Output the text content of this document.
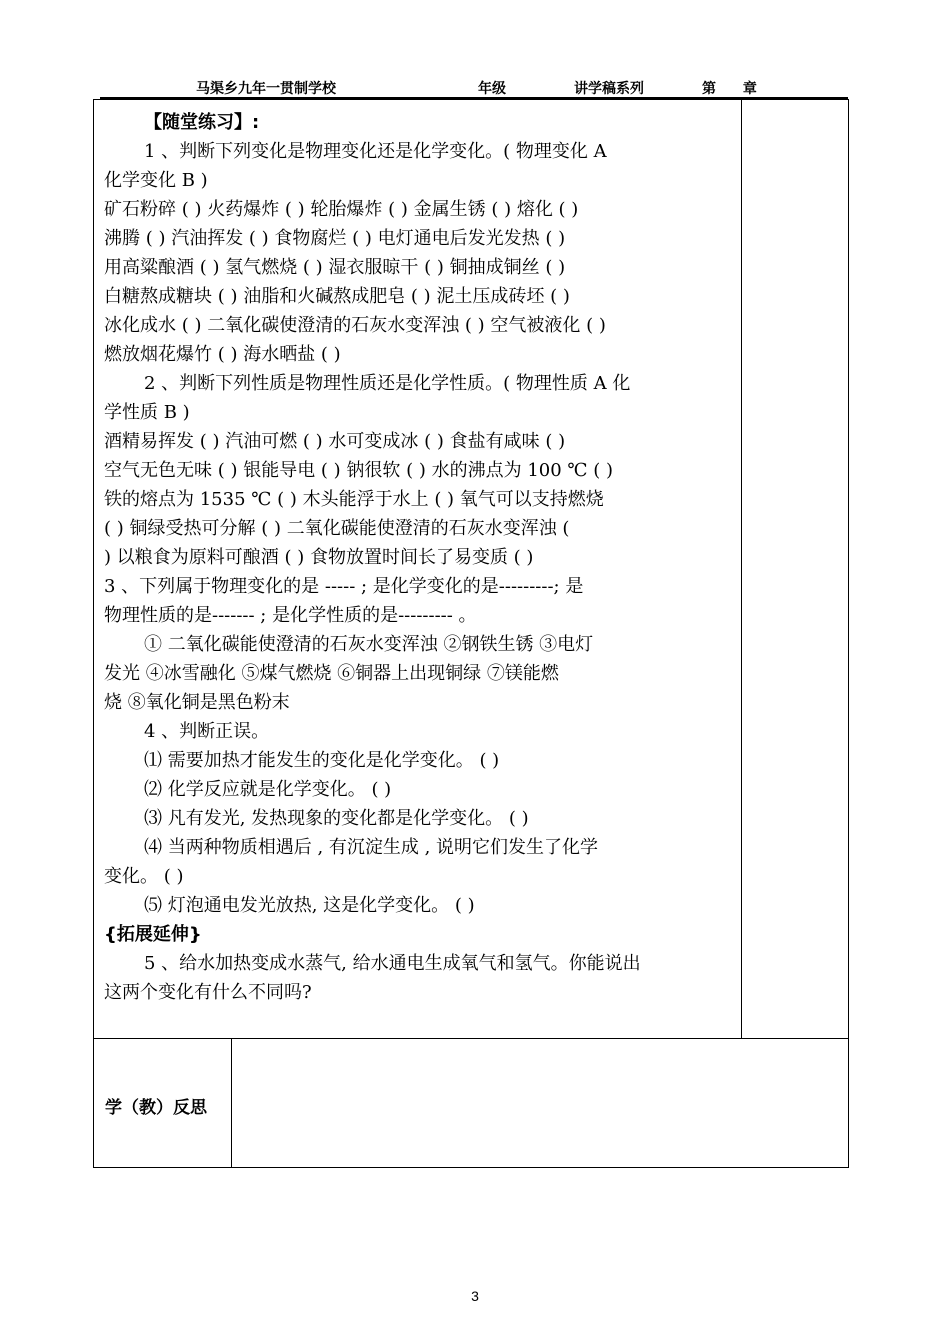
马渠乡九年一贯制学校	年级	讲学稿系列	第 章
【随堂练习】:
1 、判断下列变化是物理变化还是化学变化。( 物理变化 A
化学变化 B )
矿石粉碎 ( ) 火药爆炸 ( ) 轮胎爆炸 ( ) 金属生锈 ( ) 熔化 ( )
沸腾 ( ) 汽油挥发 ( ) 食物腐烂 ( ) 电灯通电后发光发热 ( )
用高粱酿酒 ( ) 氢气燃烧 ( ) 湿衣服晾干 ( ) 铜抽成铜丝 ( )
白糖熬成糖块 ( ) 油脂和火碱熬成肥皂 ( ) 泥土压成砖坯 ( )
冰化成水 ( ) 二氧化碳使澄清的石灰水变浑浊 ( ) 空气被液化 ( )
燃放烟花爆竹 ( ) 海水晒盐 ( )
2 、判断下列性质是物理性质还是化学性质。( 物理性质 A 化
学性质 B )
酒精易挥发 ( ) 汽油可燃 ( ) 水可变成冰 ( ) 食盐有咸味 ( )
空气无色无味 ( ) 银能导电 ( ) 钠很软 ( ) 水的沸点为 100 ℃ ( )
铁的熔点为 1535 ℃ ( ) 木头能浮于水上 ( ) 氧气可以支持燃烧
( ) 铜绿受热可分解 ( ) 二氧化碳能使澄清的石灰水变浑浊 (
) 以粮食为原料可酿酒 ( ) 食物放置时间长了易变质 ( )
3 、下列属于物理变化的是 ----- ; 是化学变化的是---------; 是
物理性质的是------- ; 是化学性质的是--------- 。
① 二氧化碳能使澄清的石灰水变浑浊 ②钢铁生锈 ③电灯
发光 ④冰雪融化 ⑤煤气燃烧 ⑥铜器上出现铜绿 ⑦镁能燃
烧 ⑧氧化铜是黑色粉末
4 、判断正误。
⑴ 需要加热才能发生的变化是化学变化。 ( )
⑵ 化学反应就是化学变化。 ( )
⑶ 凡有发光, 发热现象的变化都是化学变化。 ( )
⑷ 当两种物质相遇后 , 有沉淀生成 , 说明它们发生了化学
变化。 ( )
⑸ 灯泡通电发光放热, 这是化学变化。 ( )
{拓展延伸}
5 、给水加热变成水蒸气, 给水通电生成氧气和氢气。你能说出
这两个变化有什么不同吗?
学（教）反思
3
